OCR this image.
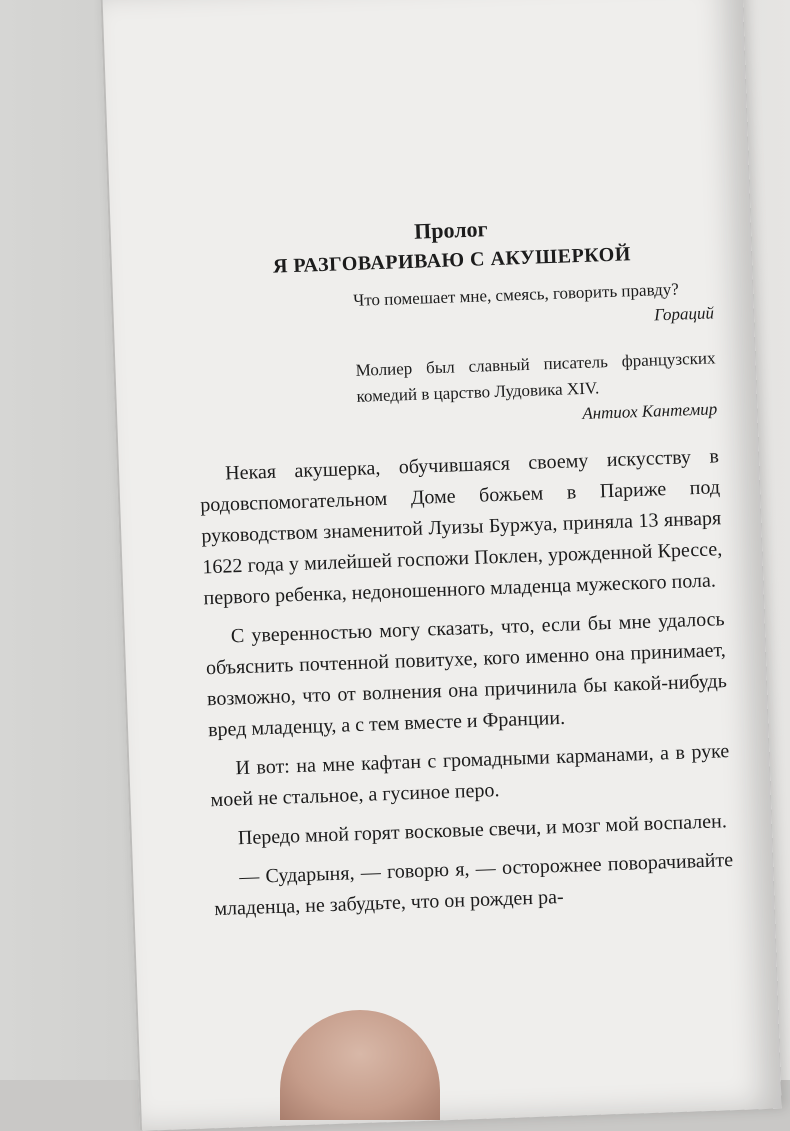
Пролог
Я РАЗГОВАРИВАЮ С АКУШЕРКОЙ
Что помешает мне, смеясь, говорить правду?
Гораций
Молиер был славный писатель французских комедий в царство Лудовика XIV.
Антиох Кантемир

Некая акушерка, обучившаяся своему искусству в родовспомогательном Доме божьем в Париже под руководством знаменитой Луизы Буржуа, приняла 13 января 1622 года у милейшей госпожи Поклен, урожденной Крессе, первого ребенка, недоношенного младенца мужеского пола.

С уверенностью могу сказать, что, если бы мне удалось объяснить почтенной повитухе, кого именно она принимает, возможно, что от волнения она причинила бы какой-нибудь вред младенцу, а с тем вместе и Франции.

И вот: на мне кафтан с громадными карманами, а в руке моей не стальное, а гусиное перо.

Передо мной горят восковые свечи, и мозг мой воспален.

— Сударыня, — говорю я, — осторожнее поворачивайте младенца, не забудьте, что он рожден ра-
